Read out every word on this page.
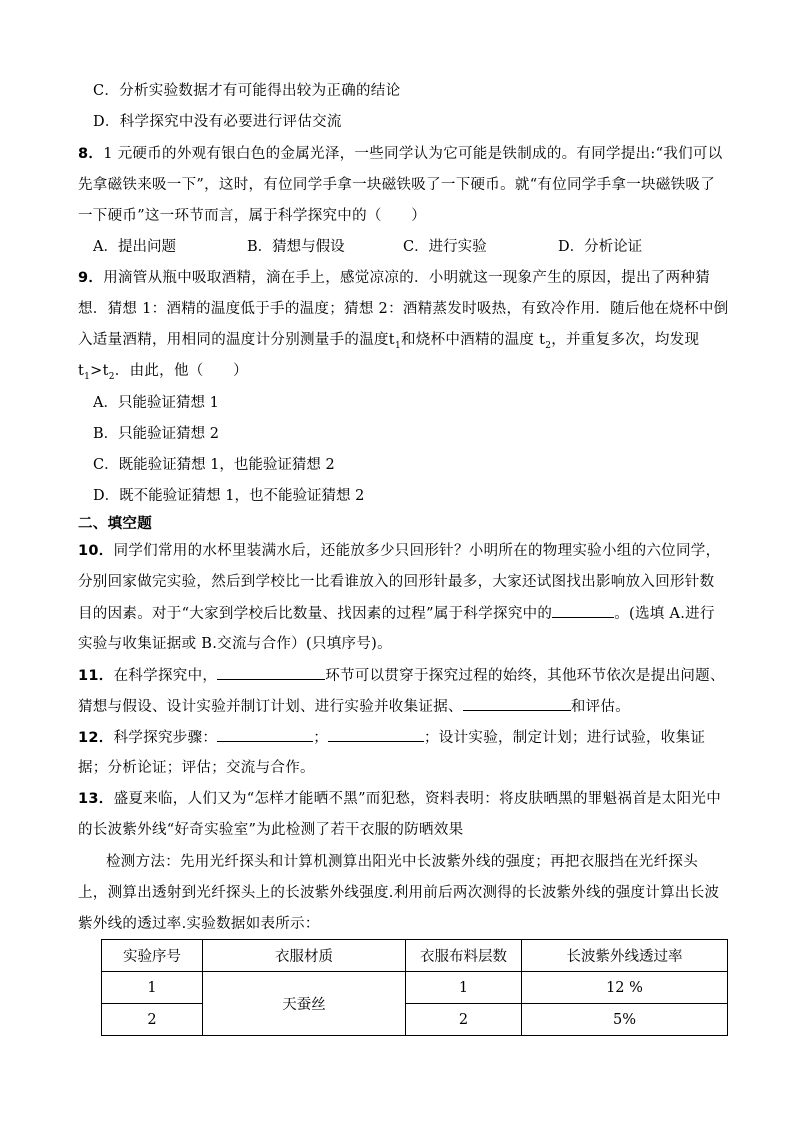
C．分析实验数据才有可能得出较为正确的结论
D．科学探究中没有必要进行评估交流
8．1 元硬币的外观有银白色的金属光泽，一些同学认为它可能是铁制成的。有同学提出:“我们可以
先拿磁铁来吸一下”，这时，有位同学手拿一块磁铁吸了一下硬币。就“有位同学手拿一块磁铁吸了
一下硬币”这一环节而言，属于科学探究中的（　　）
A．提出问题	B．猜想与假设	C．进行实验	D．分析论证
9．用滴管从瓶中吸取酒精，滴在手上，感觉凉凉的．小明就这一现象产生的原因，提出了两种猜
想．猜想 1：酒精的温度低于手的温度；猜想 2：酒精蒸发时吸热，有致冷作用．随后他在烧杯中倒
入适量酒精，用相同的温度计分别测量手的温度$t_1$和烧杯中酒精的温度 $t_2$，并重复多次，均发现
$t_1>t_2$．由此，他（　　）
A．只能验证猜想 1
B．只能验证猜想 2
C．既能验证猜想 1，也能验证猜想 2
D．既不能验证猜想 1，也不能验证猜想 2
二、填空题
10．同学们常用的水杯里装满水后，还能放多少只回形针？小明所在的物理实验小组的六位同学，
分别回家做完实验，然后到学校比一比看谁放入的回形针最多，大家还试图找出影响放入回形针数
目的因素。对于“大家到学校后比数量、找因素的过程”属于科学探究中的	。(选填 A.进行
实验与收集证据或 B.交流与合作）(只填序号)。
11．在科学探究中，	环节可以贯穿于探究过程的始终，其他环节依次是提出问题、
猜想与假设、设计实验并制订计划、进行实验并收集证据、	和评估。
12．科学探究步骤：	；	；设计实验，制定计划；进行试验，收集证
据；分析论证；评估；交流与合作。
13．盛夏来临，人们又为“怎样才能晒不黑”而犯愁，资料表明：将皮肤晒黑的罪魁祸首是太阳光中
的长波紫外线“好奇实验室”为此检测了若干衣服的防晒效果
检测方法：先用光纤探头和计算机测算出阳光中长波紫外线的强度；再把衣服挡在光纤探头
上，测算出透射到光纤探头上的长波紫外线强度.利用前后两次测得的长波紫外线的强度计算出长波
紫外线的透过率.实验数据如表所示：
实验序号	衣服材质	衣服布料层数	长波紫外线透过率
1	天蚕丝	1	12 %
2		2	5%
